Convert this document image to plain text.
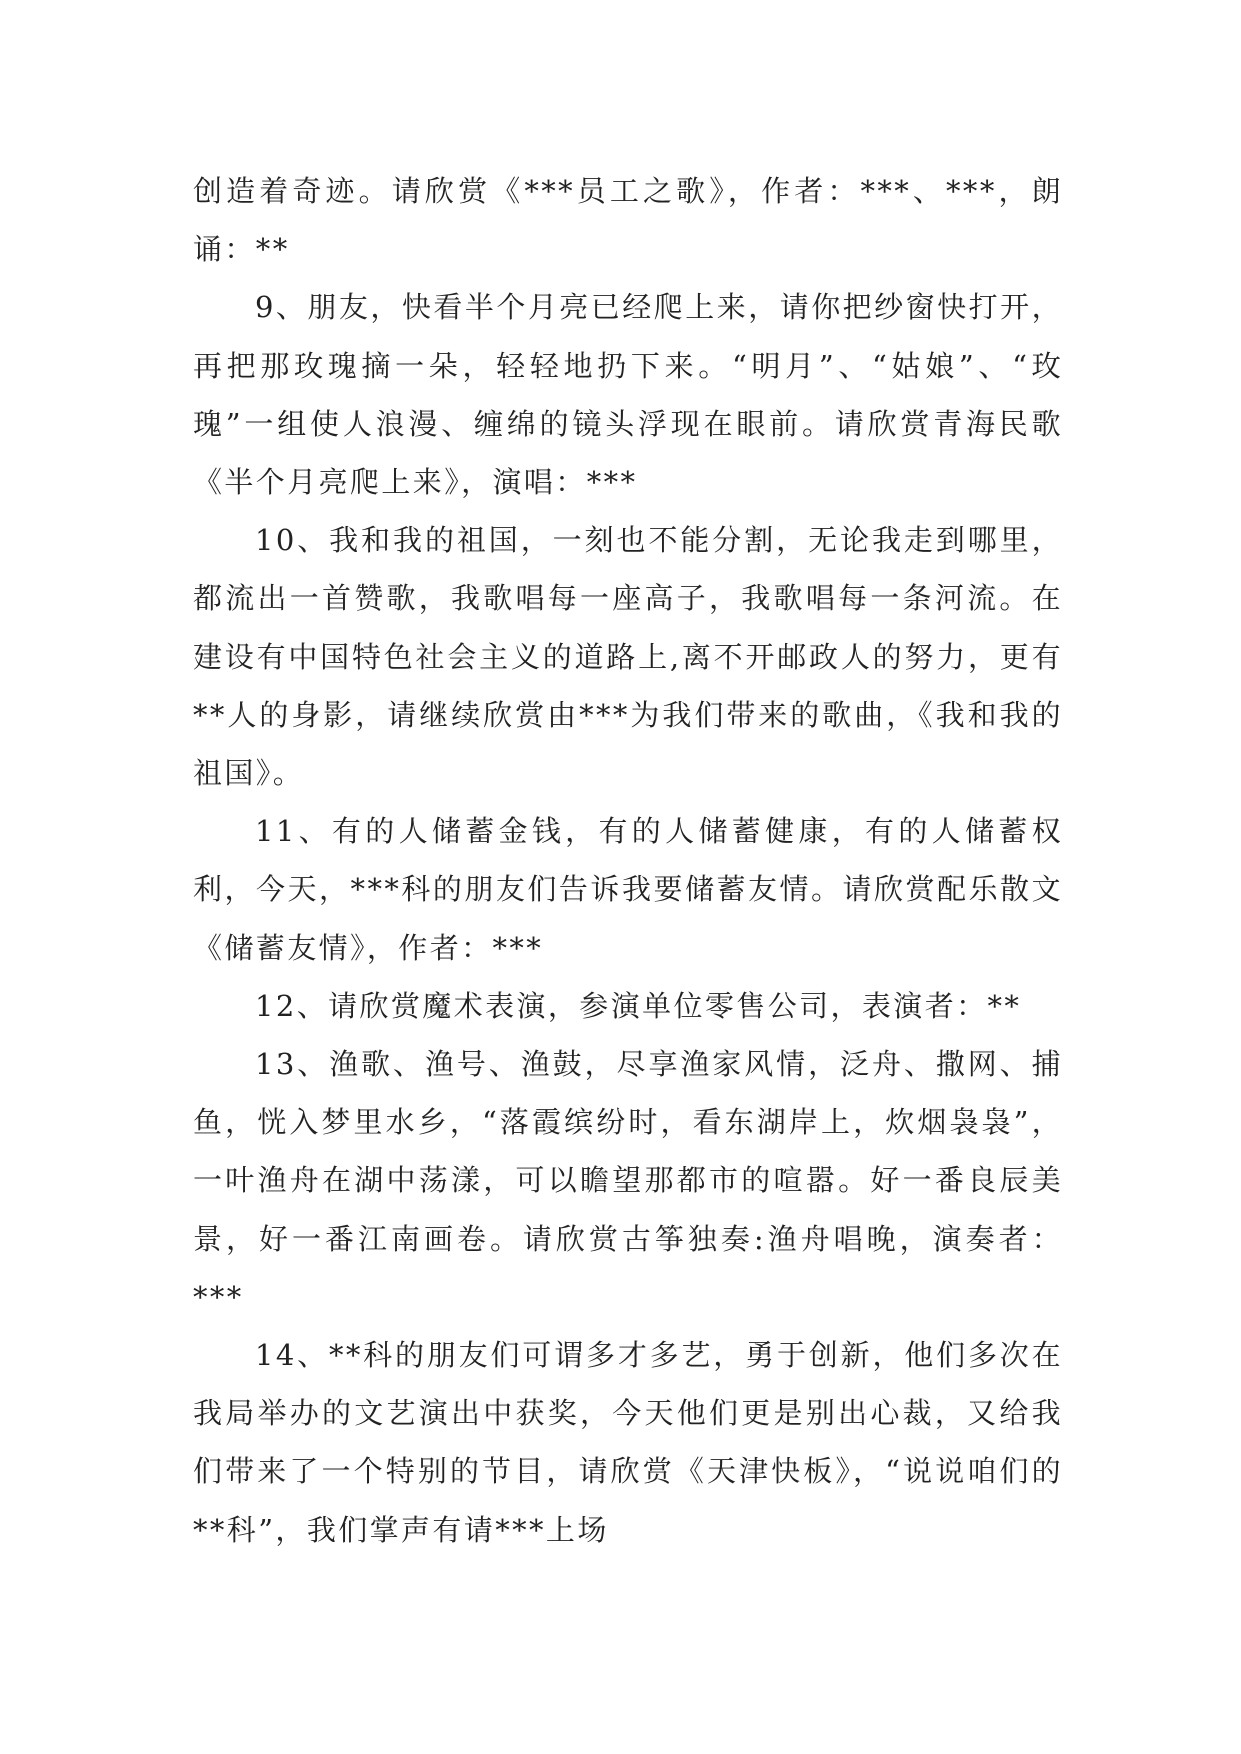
创造着奇迹。请欣赏《***员工之歌》，作者：***、***，朗诵：**

9、朋友，快看半个月亮已经爬上来，请你把纱窗快打开，再把那玫瑰摘一朵，轻轻地扔下来。“明月”、“姑娘”、“玫瑰”一组使人浪漫、缠绵的镜头浮现在眼前。请欣赏青海民歌《半个月亮爬上来》，演唱：***

10、我和我的祖国，一刻也不能分割，无论我走到哪里，都流出一首赞歌，我歌唱每一座高子，我歌唱每一条河流。在建设有中国特色社会主义的道路上,离不开邮政人的努力，更有**人的身影，请继续欣赏由***为我们带来的歌曲，《我和我的祖国》。

11、有的人储蓄金钱，有的人储蓄健康，有的人储蓄权利，今天，***科的朋友们告诉我要储蓄友情。请欣赏配乐散文《储蓄友情》，作者：***

12、请欣赏魔术表演，参演单位零售公司，表演者：**

13、渔歌、渔号、渔鼓，尽享渔家风情，泛舟、撒网、捕鱼，恍入梦里水乡，“落霞缤纷时，看东湖岸上，炊烟袅袅”，一叶渔舟在湖中荡漾，可以瞻望那都市的喧嚣。好一番良辰美景，好一番江南画卷。请欣赏古筝独奏:渔舟唱晚，演奏者：***

14、**科的朋友们可谓多才多艺，勇于创新，他们多次在我局举办的文艺演出中获奖，今天他们更是别出心裁，又给我们带来了一个特别的节目，请欣赏《天津快板》，“说说咱们的**科”，我们掌声有请***上场
